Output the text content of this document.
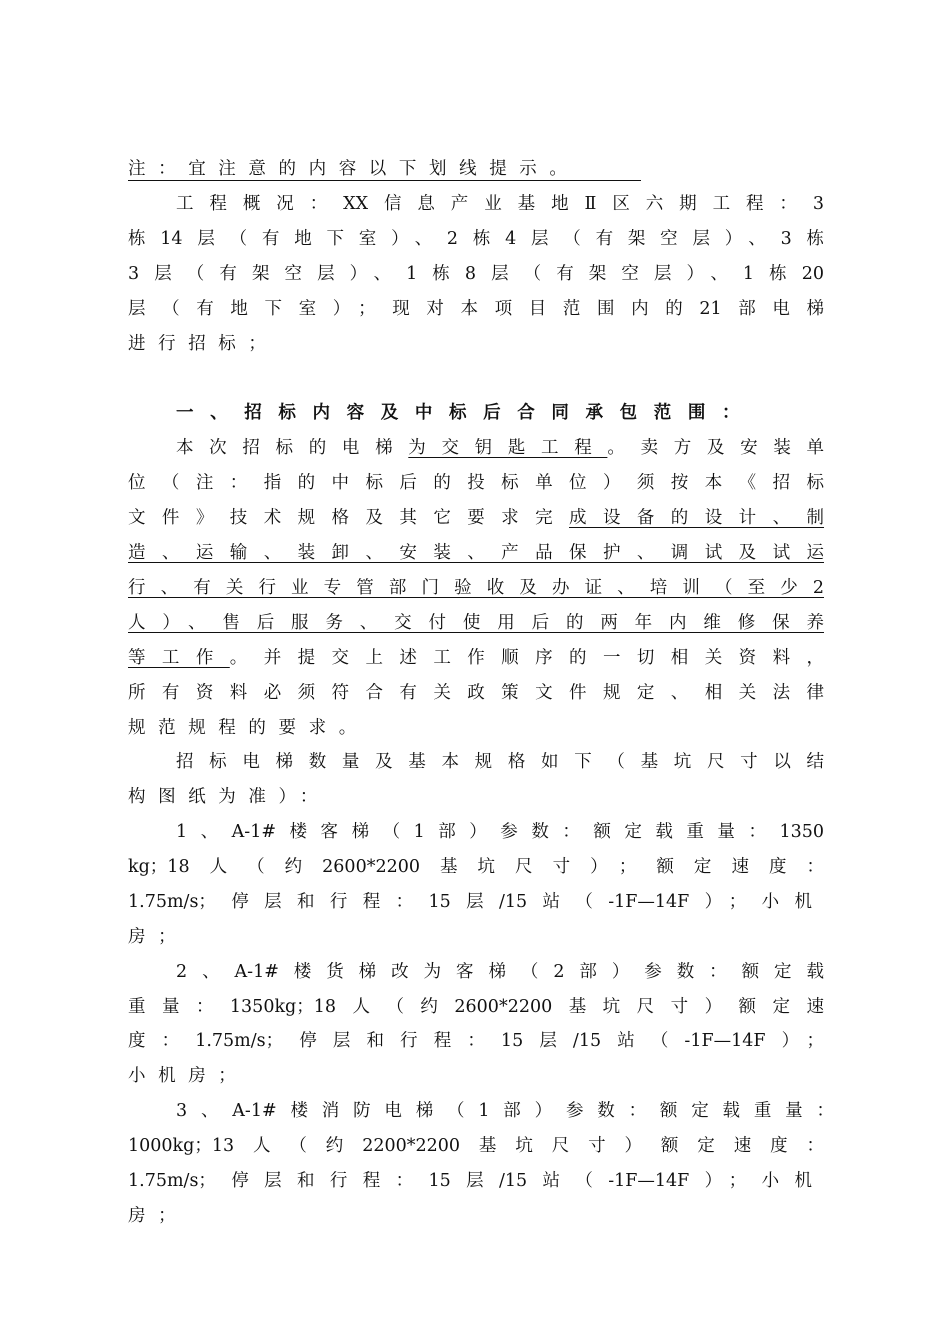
注：宜注意的内容以下划线提示。
工程概况：XX信息产业基地Ⅱ区六期工程：3
栋14层（有地下室）、2栋4层（有架空层）、3栋
3层（有架空层）、1栋8层（有架空层）、1栋20
层（有地下室）；现对本项目范围内的21部电梯
进行招标；
一、招标内容及中标后合同承包范围：
本次招标的电梯为交钥匙工程。卖方及安装单
位（注：指的中标后的投标单位）须按本《招标
文件》技术规格及其它要求完成设备的设计、制
造、运输、装卸、安装、产品保护、调试及试运
行、有关行业专管部门验收及办证、培训（至少2
人）、售后服务、交付使用后的两年内维修保养
等工作。并提交上述工作顺序的一切相关资料，
所有资料必须符合有关政策文件规定、相关法律
规范规程的要求。
招标电梯数量及基本规格如下（基坑尺寸以结
构图纸为准）：
1、A-1#楼客梯（1部）参数：额定载重量：1350
kg；18人（约2600*2200基坑尺寸）；额定速度：
1.75m/s；停层和行程：15层/15站（-1F—14F）；小机
房；
2、A-1#楼货梯改为客梯（2部）参数：额定载
重量：1350kg；18人（约2600*2200基坑尺寸）额定速
度：1.75m/s；停层和行程：15层/15站（-1F—14F）；
小机房；
3、A-1#楼消防电梯（1部）参数：额定载重量：
1000kg；13人（约2200*2200基坑尺寸）额定速度：
1.75m/s；停层和行程：15层/15站（-1F—14F）；小机
房；
